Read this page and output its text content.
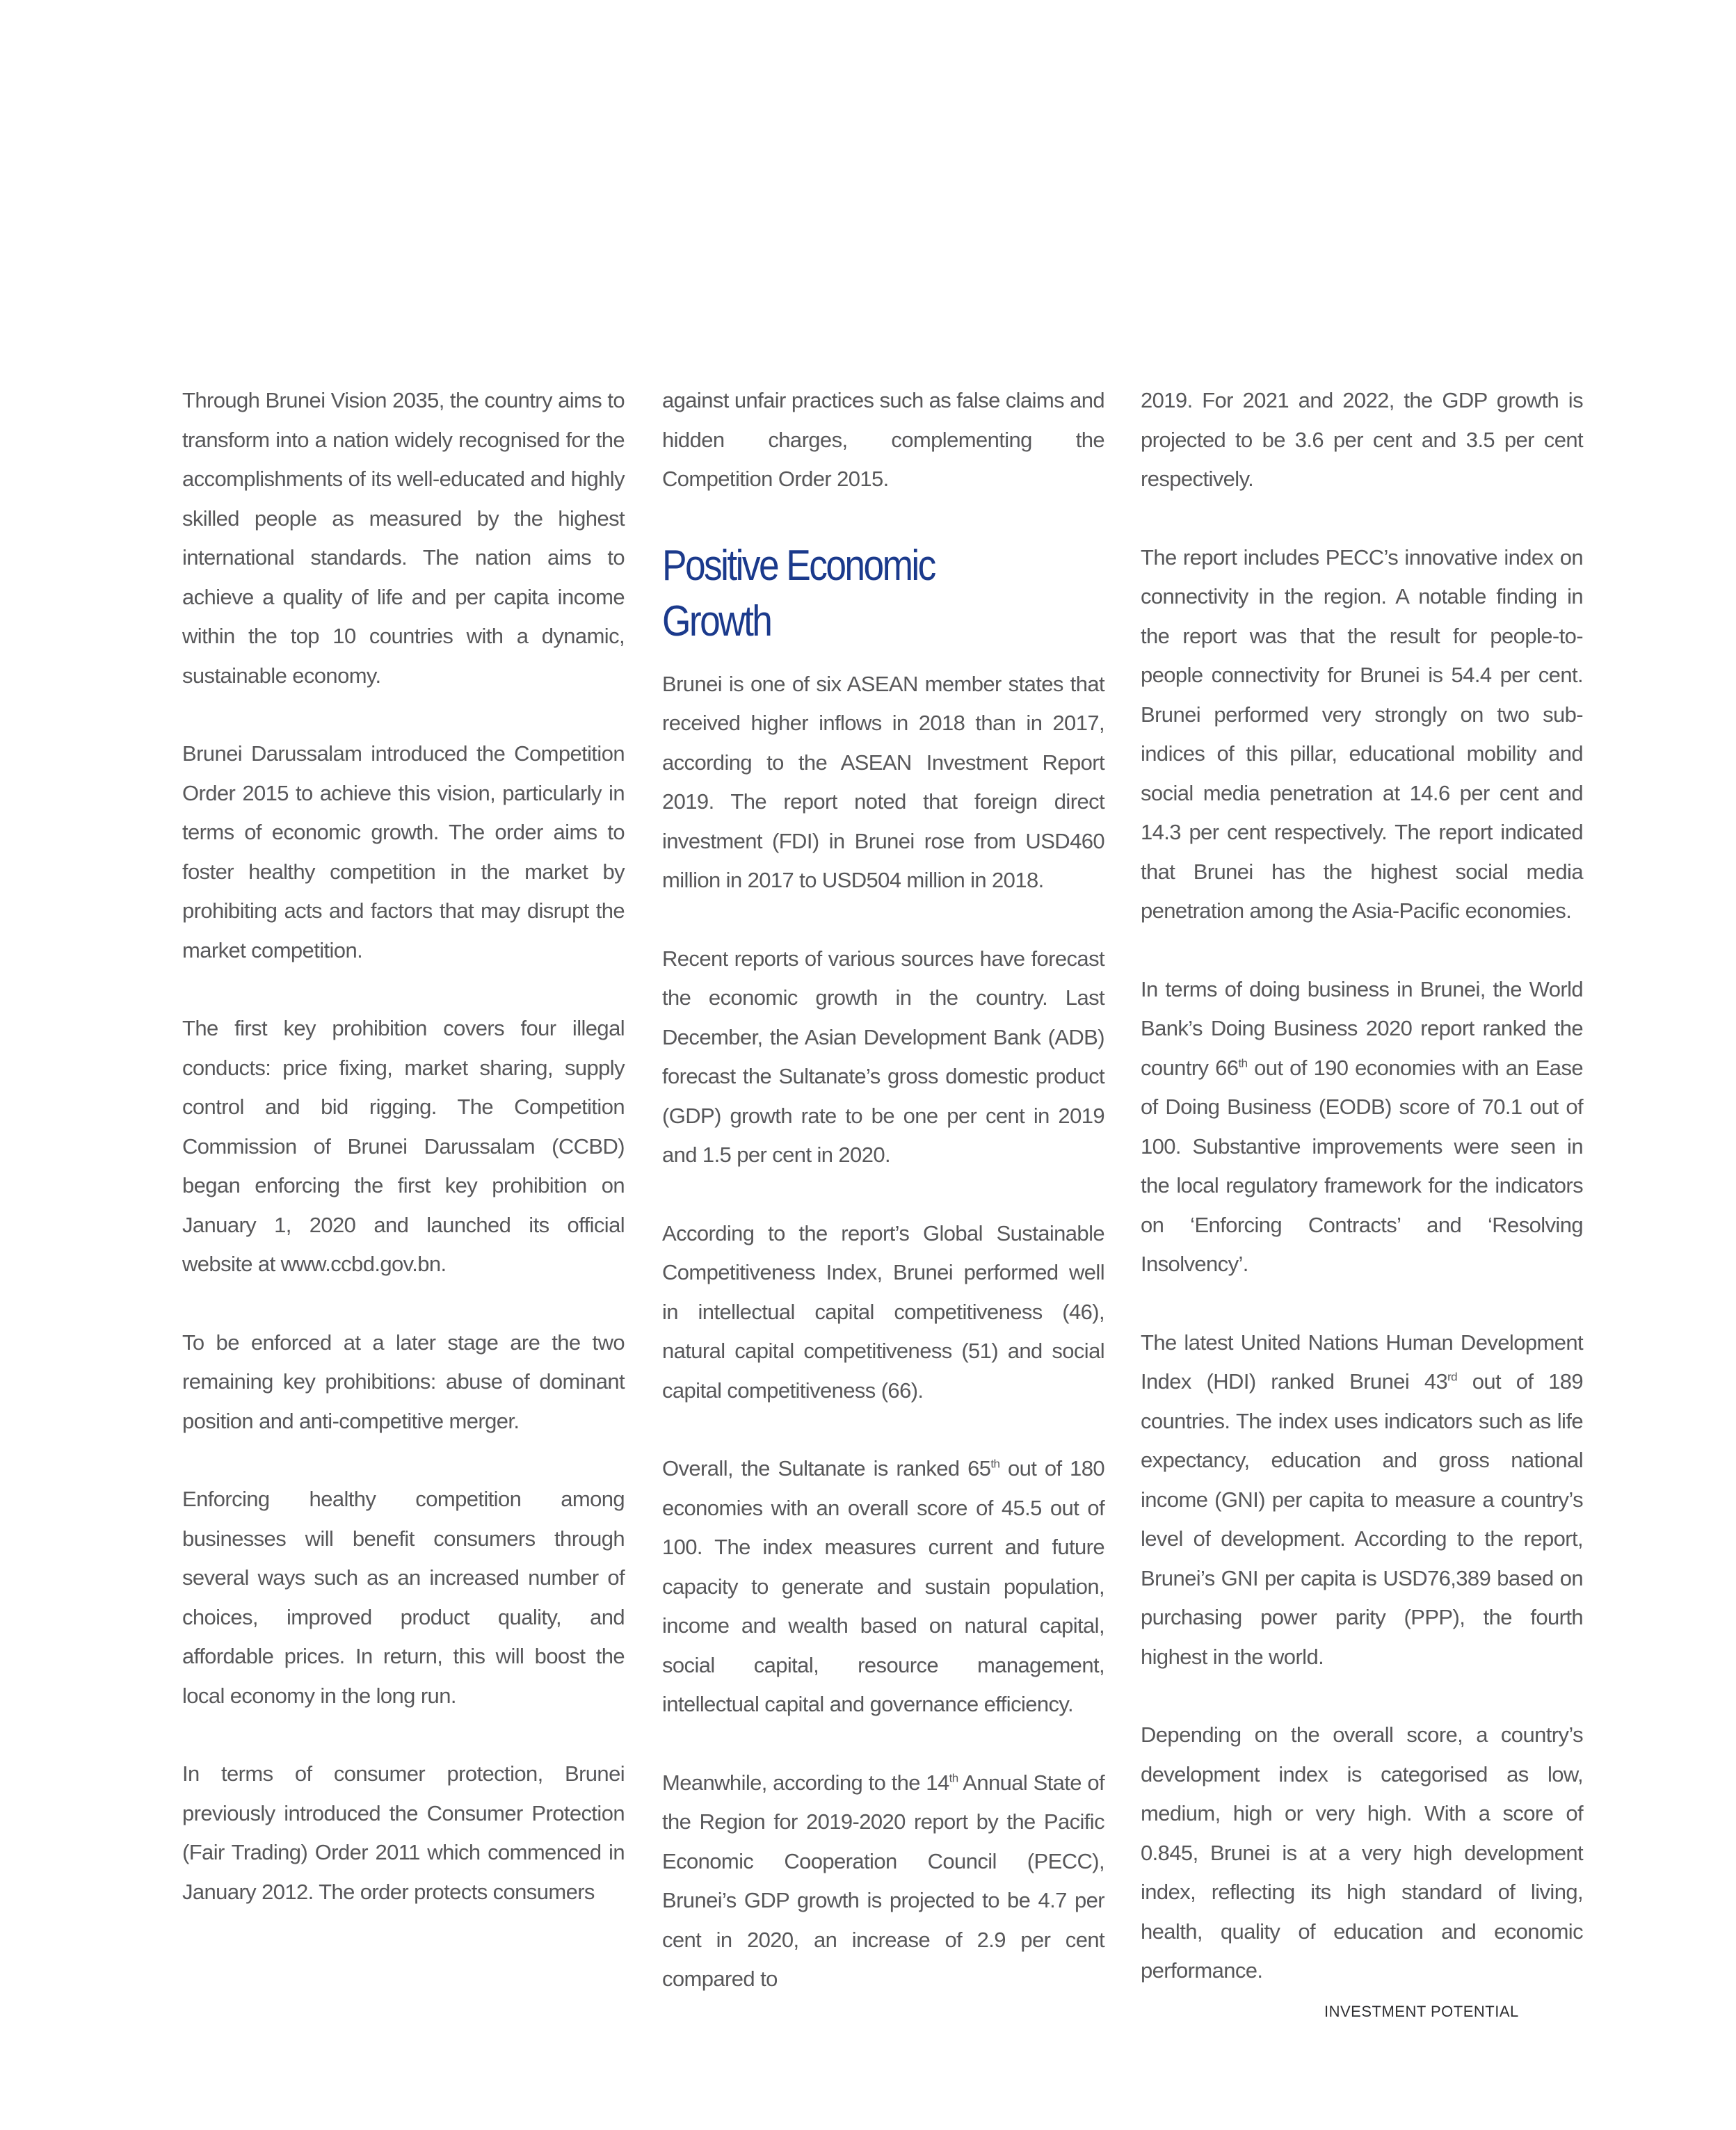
Through Brunei Vision 2035, the country aims to transform into a nation widely recognised for the accomplishments of its well-educated and highly skilled people as measured by the highest international standards. The nation aims to achieve a quality of life and per capita income within the top 10 countries with a dynamic, sustainable economy.

Brunei Darussalam introduced the Competition Order 2015 to achieve this vision, particularly in terms of economic growth. The order aims to foster healthy competition in the market by prohibiting acts and factors that may disrupt the market competition.

The first key prohibition covers four illegal conducts: price fixing, market sharing, supply control and bid rigging. The Competition Commission of Brunei Darussalam (CCBD) began enforcing the first key prohibition on January 1, 2020 and launched its official website at www.ccbd.gov.bn.

To be enforced at a later stage are the two remaining key prohibitions: abuse of dominant position and anti-competitive merger.

Enforcing healthy competition among businesses will benefit consumers through several ways such as an increased number of choices, improved product quality, and affordable prices. In return, this will boost the local economy in the long run.

In terms of consumer protection, Brunei previously introduced the Consumer Protection (Fair Trading) Order 2011 which commenced in January 2012. The order protects consumers

against unfair practices such as false claims and hidden charges, complementing the Competition Order 2015.

Positive Economic Growth

Brunei is one of six ASEAN member states that received higher inflows in 2018 than in 2017, according to the ASEAN Investment Report 2019. The report noted that foreign direct investment (FDI) in Brunei rose from USD460 million in 2017 to USD504 million in 2018.

Recent reports of various sources have forecast the economic growth in the country. Last December, the Asian Development Bank (ADB) forecast the Sultanate’s gross domestic product (GDP) growth rate to be one per cent in 2019 and 1.5 per cent in 2020.

According to the report’s Global Sustainable Competitiveness Index, Brunei performed well in intellectual capital competitiveness (46), natural capital competitiveness (51) and social capital competitiveness (66).

Overall, the Sultanate is ranked 65th out of 180 economies with an overall score of 45.5 out of 100. The index measures current and future capacity to generate and sustain population, income and wealth based on natural capital, social capital, resource management, intellectual capital and governance efficiency.

Meanwhile, according to the 14th Annual State of the Region for 2019-2020 report by the Pacific Economic Cooperation Council (PECC), Brunei’s GDP growth is projected to be 4.7 per cent in 2020, an increase of 2.9 per cent compared to

2019. For 2021 and 2022, the GDP growth is projected to be 3.6 per cent and 3.5 per cent respectively.

The report includes PECC’s innovative index on connectivity in the region. A notable finding in the report was that the result for people-to-people connectivity for Brunei is 54.4 per cent. Brunei performed very strongly on two sub-indices of this pillar, educational mobility and social media penetration at 14.6 per cent and 14.3 per cent respectively. The report indicated that Brunei has the highest social media penetration among the Asia-Pacific economies.

In terms of doing business in Brunei, the World Bank’s Doing Business 2020 report ranked the country 66th out of 190 economies with an Ease of Doing Business (EODB) score of 70.1 out of 100. Substantive improvements were seen in the local regulatory framework for the indicators on ‘Enforcing Contracts’ and ‘Resolving Insolvency’.

The latest United Nations Human Development Index (HDI) ranked Brunei 43rd out of 189 countries. The index uses indicators such as life expectancy, education and gross national income (GNI) per capita to measure a country’s level of development. According to the report, Brunei’s GNI per capita is USD76,389 based on purchasing power parity (PPP), the fourth highest in the world.

Depending on the overall score, a country’s development index is categorised as low, medium, high or very high. With a score of 0.845, Brunei is at a very high development index, reflecting its high standard of living, health, quality of education and economic performance.

INVESTMENT POTENTIAL
